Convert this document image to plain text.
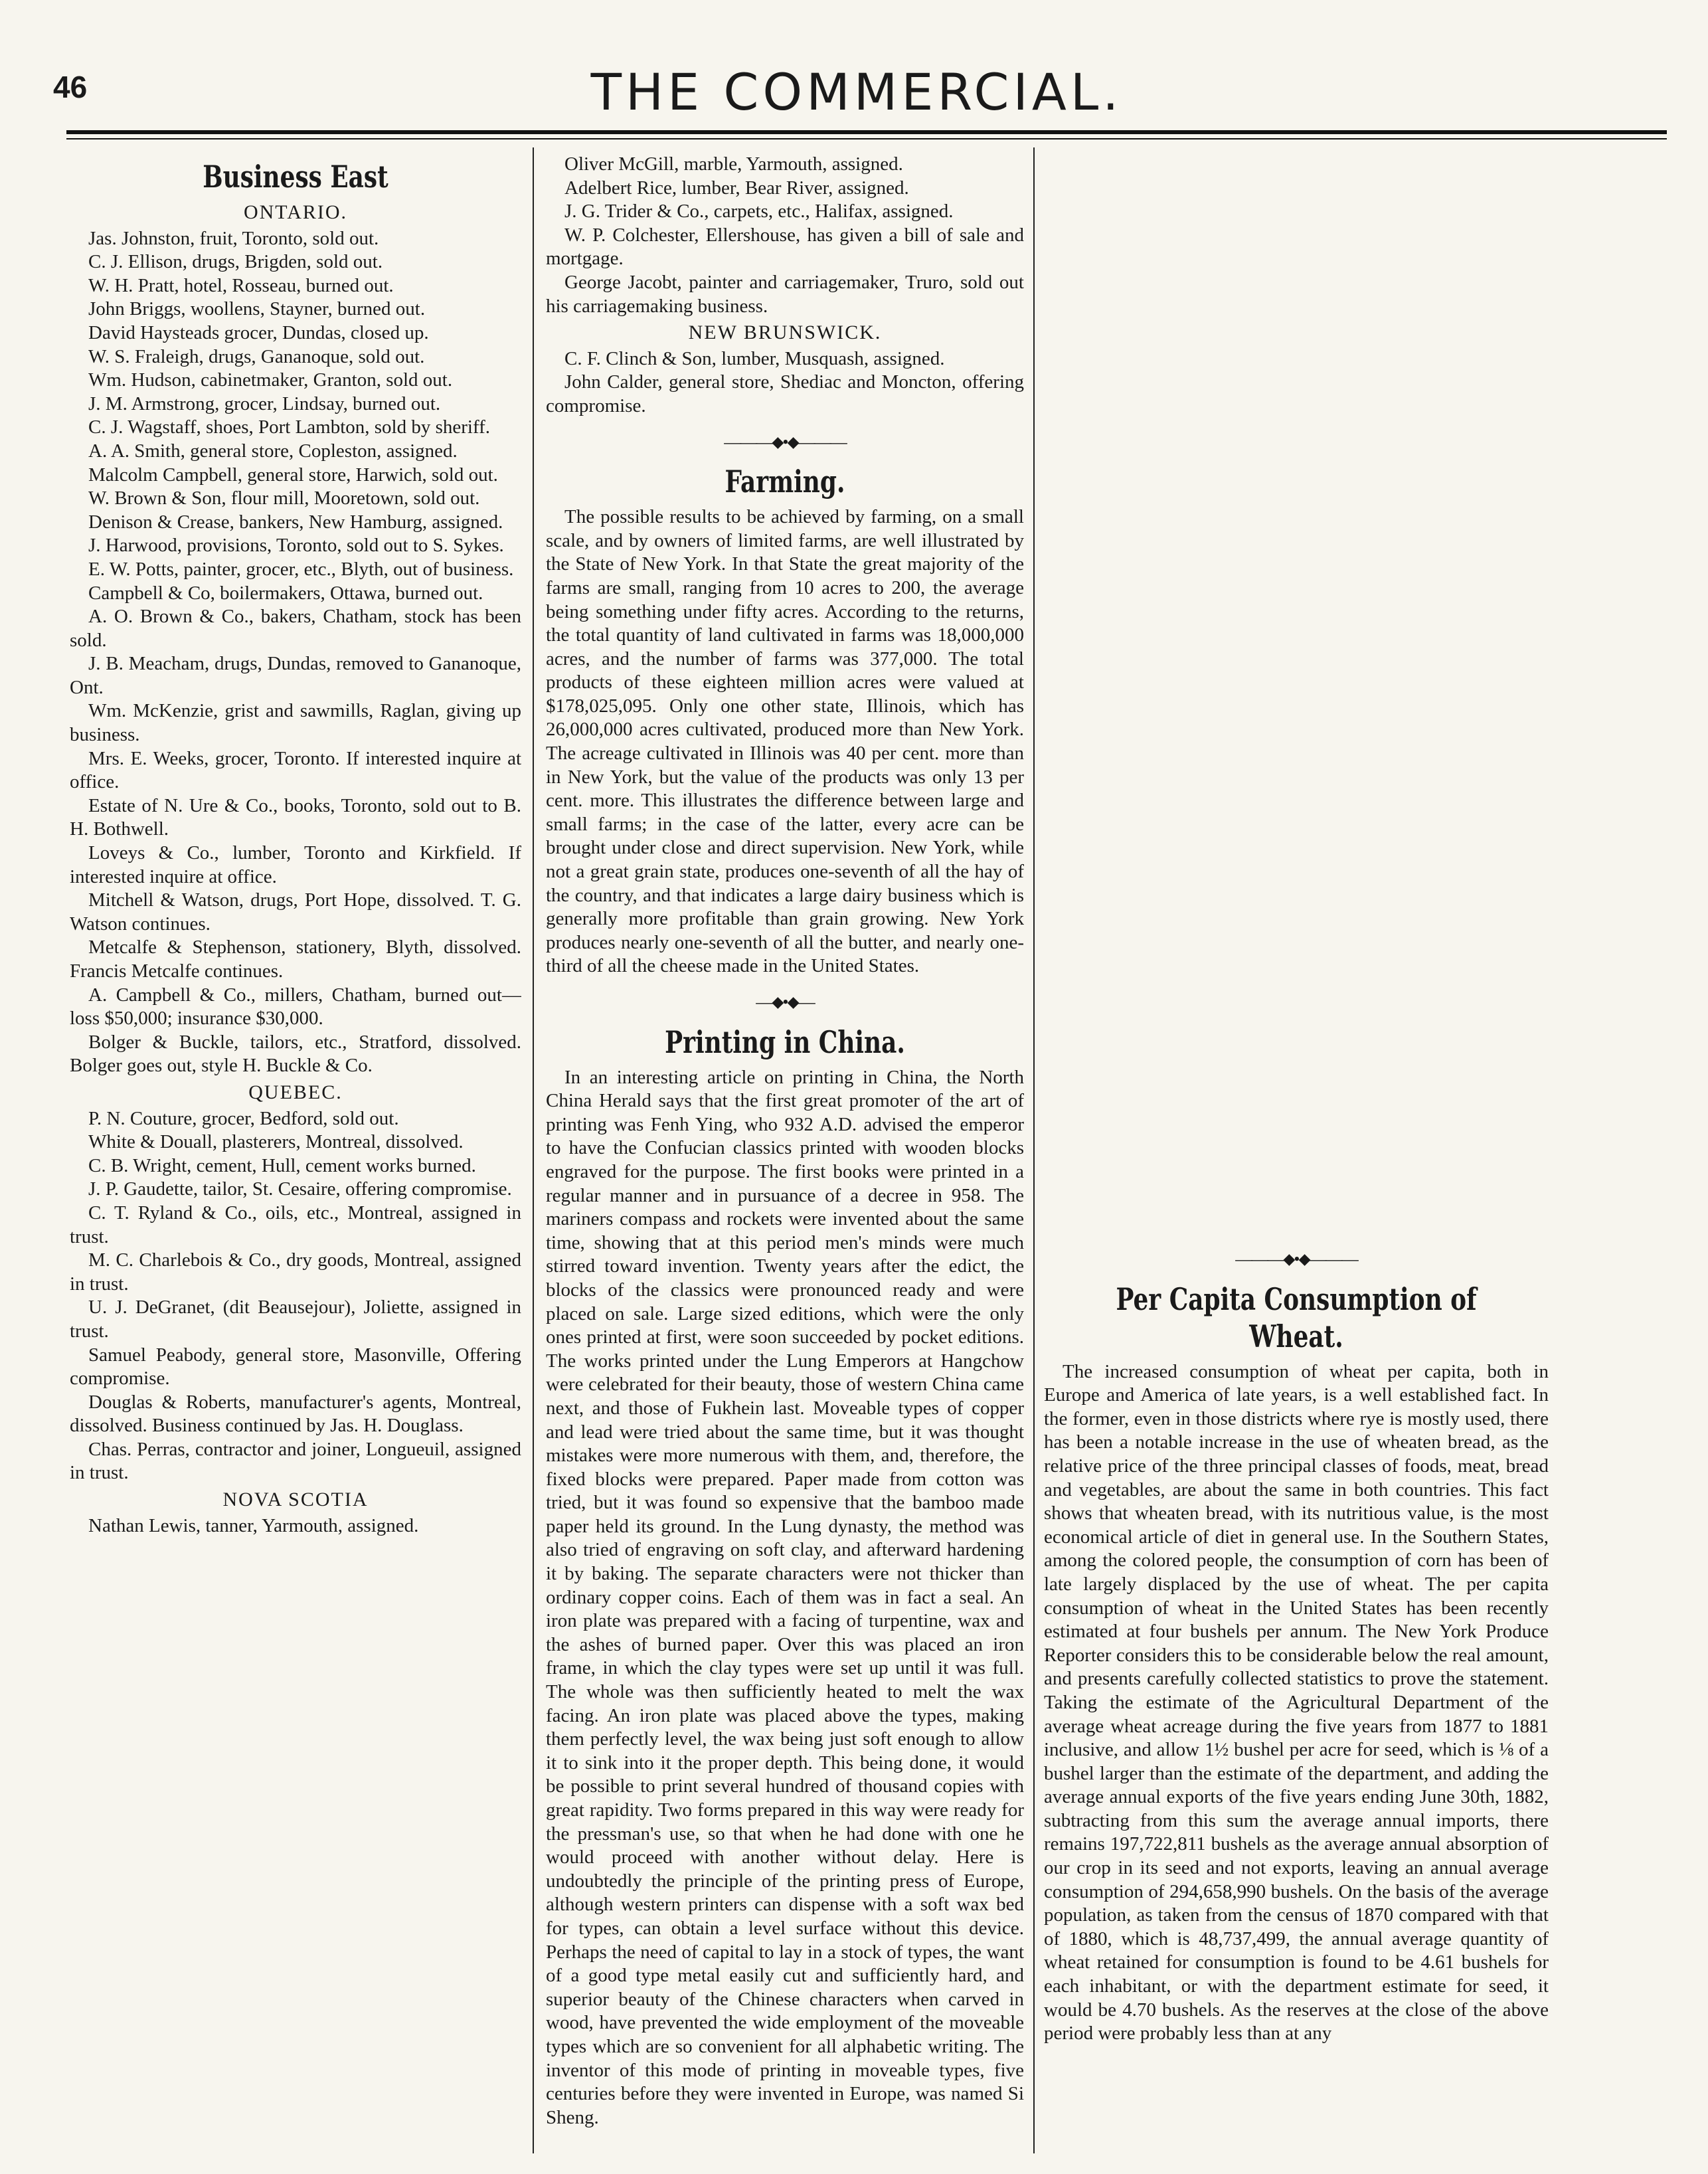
46	THE COMMERCIAL.
Business East
ONTARIO.

Jas. Johnston, fruit, Toronto, sold out.

C. J. Ellison, drugs, Brigden, sold out.

W. H. Pratt, hotel, Rosseau, burned out.

John Briggs, woollens, Stayner, burned out.

David Haysteads grocer, Dundas, closed up.

W. S. Fraleigh, drugs, Gananoque, sold out.

Wm. Hudson, cabinetmaker, Granton, sold out.

J. M. Armstrong, grocer, Lindsay, burned out.

C. J. Wagstaff, shoes, Port Lambton, sold by sheriff.

A. A. Smith, general store, Copleston, assigned.

Malcolm Campbell, general store, Harwich, sold out.

W. Brown & Son, flour mill, Mooretown, sold out.

Denison & Crease, bankers, New Hamburg, assigned.

J. Harwood, provisions, Toronto, sold out to S. Sykes.

E. W. Potts, painter, grocer, etc., Blyth, out of business.

Campbell & Co, boilermakers, Ottawa, burned out.

A. O. Brown & Co., bakers, Chatham, stock has been sold.

J. B. Meacham, drugs, Dundas, removed to Gananoque, Ont.

Wm. McKenzie, grist and sawmills, Raglan, giving up business.

Mrs. E. Weeks, grocer, Toronto. If interested inquire at office.

Estate of N. Ure & Co., books, Toronto, sold out to B. H. Bothwell.

Loveys & Co., lumber, Toronto and Kirkfield. If interested inquire at office.

Mitchell & Watson, drugs, Port Hope, dissolved. T. G. Watson continues.

Metcalfe & Stephenson, stationery, Blyth, dissolved. Francis Metcalfe continues.

A. Campbell & Co., millers, Chatham, burned out—loss $50,000; insurance $30,000.

Bolger & Buckle, tailors, etc., Stratford, dissolved. Bolger goes out, style H. Buckle & Co.

QUEBEC.

P. N. Couture, grocer, Bedford, sold out.

White & Douall, plasterers, Montreal, dissolved.

C. B. Wright, cement, Hull, cement works burned.

J. P. Gaudette, tailor, St. Cesaire, offering compromise.

C. T. Ryland & Co., oils, etc., Montreal, assigned in trust.

M. C. Charlebois & Co., dry goods, Montreal, assigned in trust.

U. J. DeGranet, (dit Beausejour), Joliette, assigned in trust.

Samuel Peabody, general store, Masonville, Offering compromise.

Douglas & Roberts, manufacturer's agents, Montreal, dissolved. Business continued by Jas. H. Douglass.

Chas. Perras, contractor and joiner, Longueuil, assigned in trust.

NOVA SCOTIA

Nathan Lewis, tanner, Yarmouth, assigned.

Oliver McGill, marble, Yarmouth, assigned.

Adelbert Rice, lumber, Bear River, assigned.

J. G. Trider & Co., carpets, etc., Halifax, assigned.

W. P. Colchester, Ellershouse, has given a bill of sale and mortgage.

George Jacobt, painter and carriagemaker, Truro, sold out his carriagemaking business.

NEW BRUNSWICK.

C. F. Clinch & Son, lumber, Musquash, assigned.

John Calder, general store, Shediac and Moncton, offering compromise.

———⬥•⬥———
Farming.

The possible results to be achieved by farming, on a small scale, and by owners of limited farms, are well illustrated by the State of New York. In that State the great majority of the farms are small, ranging from 10 acres to 200, the average being something under fifty acres. According to the returns, the total quantity of land cultivated in farms was 18,000,000 acres, and the number of farms was 377,000. The total products of these eighteen million acres were valued at $178,025,095. Only one other state, Illinois, which has 26,000,000 acres cultivated, produced more than New York. The acreage cultivated in Illinois was 40 per cent. more than in New York, but the value of the products was only 13 per cent. more. This illustrates the difference between large and small farms; in the case of the latter, every acre can be brought under close and direct supervision. New York, while not a great grain state, produces one-seventh of all the hay of the country, and that indicates a large dairy business which is generally more profitable than grain growing. New York produces nearly one-seventh of all the butter, and nearly one-third of all the cheese made in the United States.

—⬥•⬥—
Printing in China.

In an interesting article on printing in China, the North China Herald says that the first great promoter of the art of printing was Fenh Ying, who 932 A.D. advised the emperor to have the Confucian classics printed with wooden blocks engraved for the purpose. The first books were printed in a regular manner and in pursuance of a decree in 958. The mariners compass and rockets were invented about the same time, showing that at this period men's minds were much stirred toward invention. Twenty years after the edict, the blocks of the classics were pronounced ready and were placed on sale. Large sized editions, which were the only ones printed at first, were soon succeeded by pocket editions. The works printed under the Lung Emperors at Hangchow were celebrated for their beauty, those of western China came next, and those of Fukhein last. Moveable types of copper and lead were tried about the same time, but it was thought mistakes were more numerous with them, and, therefore, the fixed blocks were prepared. Paper made from cotton was tried, but it was found so expensive that the bamboo made paper held its ground. In the Lung dynasty, the method was also tried of engraving on soft clay, and afterward hardening it by baking. The separate characters were not thicker than ordinary copper coins. Each of them was in fact a seal. An iron plate was prepared with a facing of turpentine, wax and the ashes of burned paper. Over this was placed an iron frame, in which the clay types were set up until it was full. The whole was then sufficiently heated to melt the wax facing. An iron plate was placed above the types, making them perfectly level, the wax being just soft enough to allow it to sink into it the proper depth. This being done, it would be possible to print several hundred of thousand copies with great rapidity. Two forms prepared in this way were ready for the pressman's use, so that when he had done with one he would proceed with another without delay. Here is undoubtedly the principle of the printing press of Europe, although western printers can dispense with a soft wax bed for types, can obtain a level surface without this device. Perhaps the need of capital to lay in a stock of types, the want of a good type metal easily cut and sufficiently hard, and superior beauty of the Chinese characters when carved in wood, have prevented the wide employment of the moveable types which are so convenient for all alphabetic writing. The inventor of this mode of printing in moveable types, five centuries before they were invented in Europe, was named Si Sheng.

———⬥•⬥———
Per Capita Consumption of Wheat.

The increased consumption of wheat per capita, both in Europe and America of late years, is a well established fact. In the former, even in those districts where rye is mostly used, there has been a notable increase in the use of wheaten bread, as the relative price of the three principal classes of foods, meat, bread and vegetables, are about the same in both countries. This fact shows that wheaten bread, with its nutritious value, is the most economical article of diet in general use. In the Southern States, among the colored people, the consumption of corn has been of late largely displaced by the use of wheat. The per capita consumption of wheat in the United States has been recently estimated at four bushels per annum. The New York Produce Reporter considers this to be considerable below the real amount, and presents carefully collected statistics to prove the statement. Taking the estimate of the Agricultural Department of the average wheat acreage during the five years from 1877 to 1881 inclusive, and allow 1½ bushel per acre for seed, which is ⅛ of a bushel larger than the estimate of the department, and adding the average annual exports of the five years ending June 30th, 1882, subtracting from this sum the average annual imports, there remains 197,722,811 bushels as the average annual absorption of our crop in its seed and not exports, leaving an annual average consumption of 294,658,990 bushels. On the basis of the average population, as taken from the census of 1870 compared with that of 1880, which is 48,737,499, the annual average quantity of wheat retained for consumption is found to be 4.61 bushels for each inhabitant, or with the department estimate for seed, it would be 4.70 bushels. As the reserves at the close of the above period were probably less than at any
